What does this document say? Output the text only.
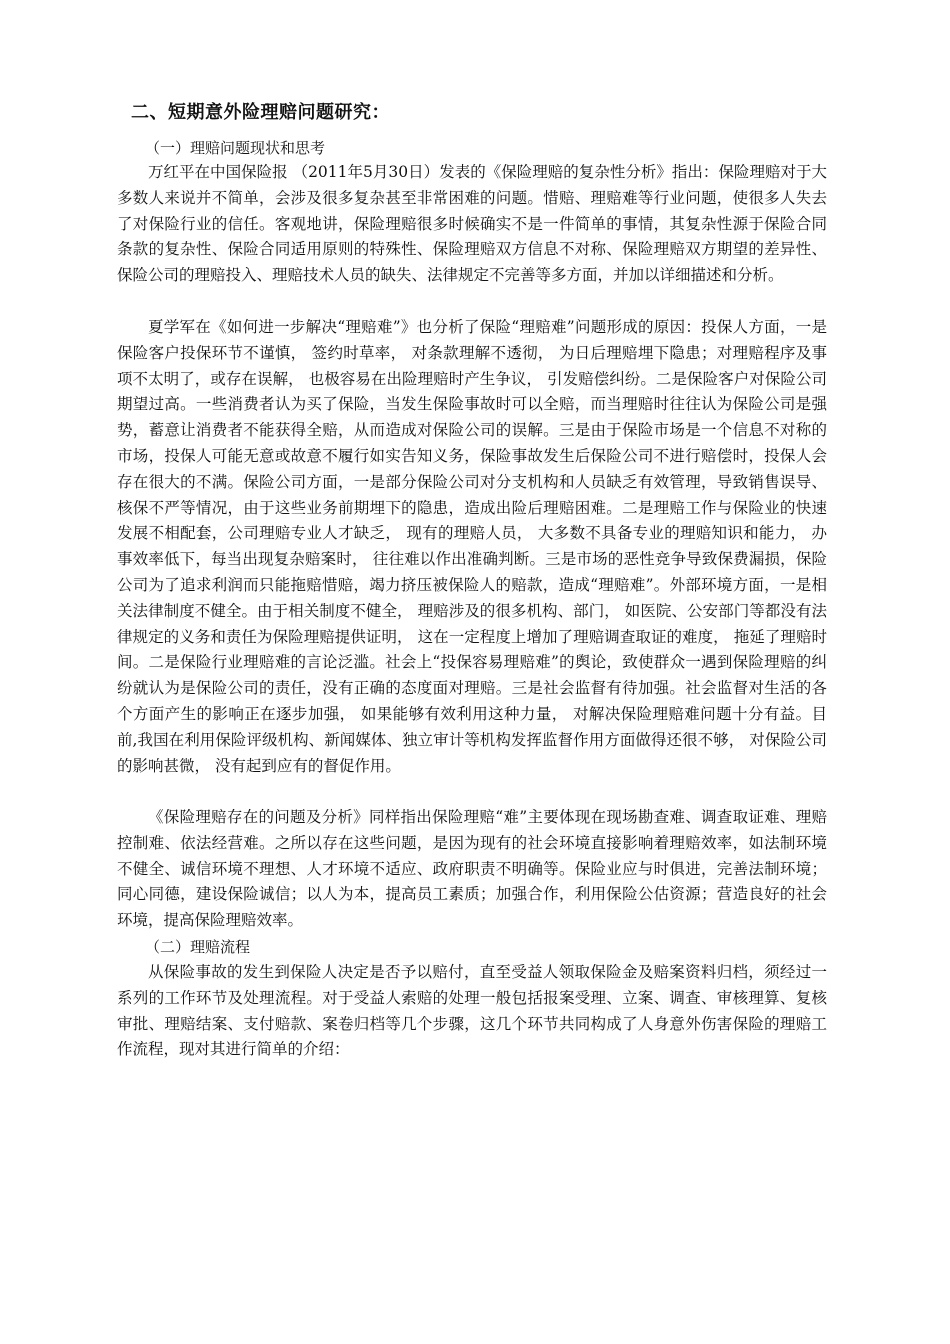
二、短期意外险理赔问题研究：
（一）理赔问题现状和思考

万红平在中国保险报 （2011年5月30日）发表的《保险理赔的复杂性分析》指出：保险理赔对于大多数人来说并不简单，会涉及很多复杂甚至非常困难的问题。惜赔、理赔难等行业问题，使很多人失去了对保险行业的信任。客观地讲，保险理赔很多时候确实不是一件简单的事情，其复杂性源于保险合同条款的复杂性、保险合同适用原则的特殊性、保险理赔双方信息不对称、保险理赔双方期望的差异性、保险公司的理赔投入、理赔技术人员的缺失、法律规定不完善等多方面，并加以详细描述和分析。

夏学军在《如何进一步解决“理赔难”》也分析了保险“理赔难”问题形成的原因：投保人方面，一是保险客户投保环节不谨慎， 签约时草率， 对条款理解不透彻， 为日后理赔埋下隐患；对理赔程序及事项不太明了，或存在误解， 也极容易在出险理赔时产生争议， 引发赔偿纠纷。二是保险客户对保险公司期望过高。一些消费者认为买了保险，当发生保险事故时可以全赔，而当理赔时往往认为保险公司是强势，蓄意让消费者不能获得全赔，从而造成对保险公司的误解。三是由于保险市场是一个信息不对称的市场，投保人可能无意或故意不履行如实告知义务，保险事故发生后保险公司不进行赔偿时，投保人会存在很大的不满。保险公司方面，一是部分保险公司对分支机构和人员缺乏有效管理，导致销售误导、核保不严等情况，由于这些业务前期埋下的隐患，造成出险后理赔困难。二是理赔工作与保险业的快速发展不相配套，公司理赔专业人才缺乏， 现有的理赔人员， 大多数不具备专业的理赔知识和能力， 办事效率低下，每当出现复杂赔案时， 往往难以作出准确判断。三是市场的恶性竞争导致保费漏损，保险公司为了追求利润而只能拖赔惜赔，竭力挤压被保险人的赔款，造成“理赔难”。外部环境方面，一是相关法律制度不健全。由于相关制度不健全， 理赔涉及的很多机构、部门， 如医院、公安部门等都没有法律规定的义务和责任为保险理赔提供证明， 这在一定程度上增加了理赔调查取证的难度， 拖延了理赔时间。二是保险行业理赔难的言论泛滥。社会上“投保容易理赔难”的舆论，致使群众一遇到保险理赔的纠纷就认为是保险公司的责任，没有正确的态度面对理赔。三是社会监督有待加强。社会监督对生活的各个方面产生的影响正在逐步加强， 如果能够有效利用这种力量， 对解决保险理赔难问题十分有益。目前,我国在利用保险评级机构、新闻媒体、独立审计等机构发挥监督作用方面做得还很不够， 对保险公司的影响甚微， 没有起到应有的督促作用。

《保险理赔存在的问题及分析》同样指出保险理赔“难”主要体现在现场勘查难、调查取证难、理赔控制难、依法经营难。之所以存在这些问题，是因为现有的社会环境直接影响着理赔效率，如法制环境不健全、诚信环境不理想、人才环境不适应、政府职责不明确等。保险业应与时俱进，完善法制环境；同心同德，建设保险诚信；以人为本，提高员工素质；加强合作，利用保险公估资源；营造良好的社会环境，提高保险理赔效率。

（二）理赔流程

从保险事故的发生到保险人决定是否予以赔付，直至受益人领取保险金及赔案资料归档，须经过一系列的工作环节及处理流程。对于受益人索赔的处理一般包括报案受理、立案、调查、审核理算、复核审批、理赔结案、支付赔款、案卷归档等几个步骤，这几个环节共同构成了人身意外伤害保险的理赔工作流程，现对其进行简单的介绍：
